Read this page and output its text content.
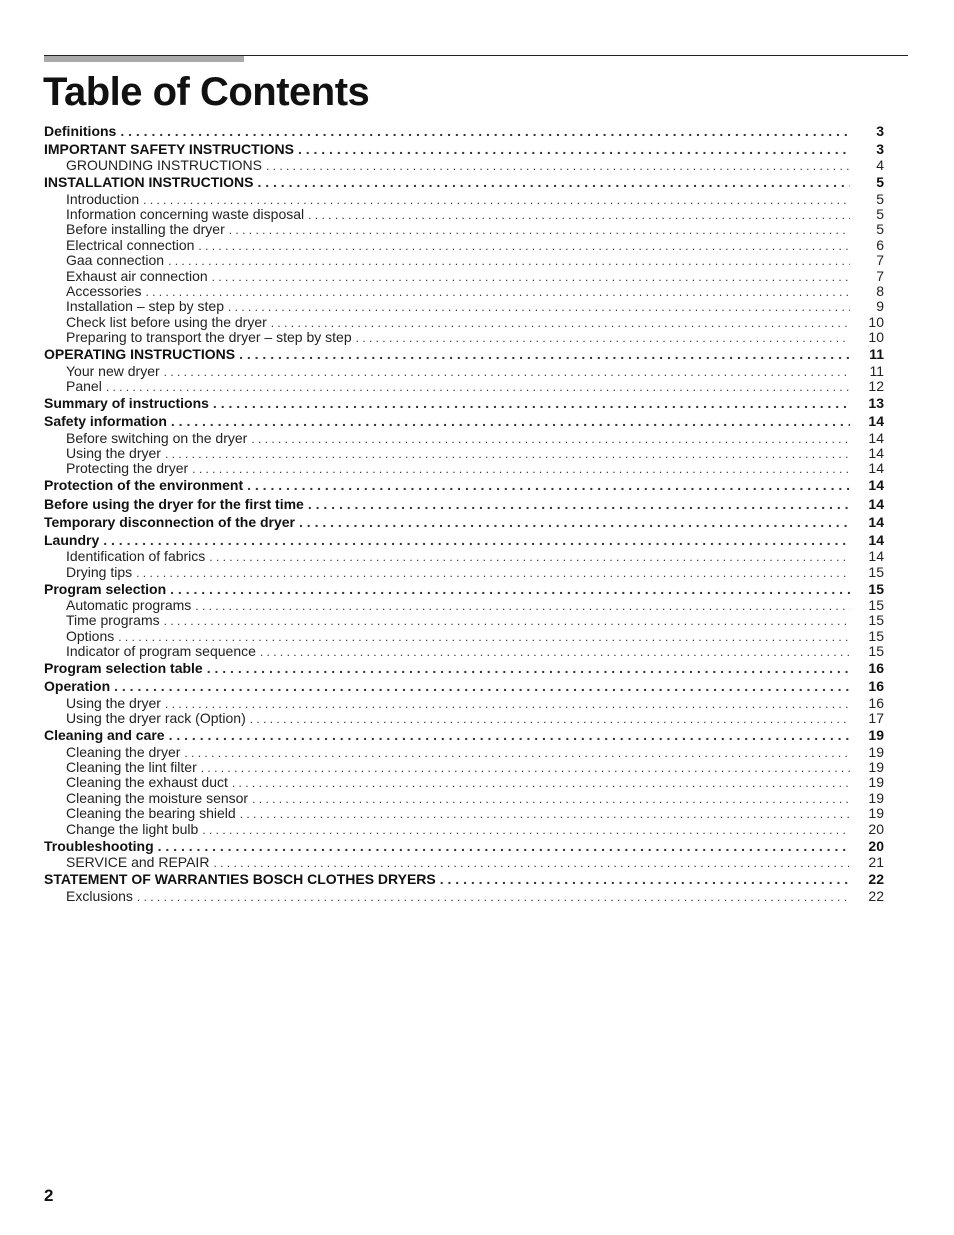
Table of Contents
Definitions . . .	3
IMPORTANT SAFETY INSTRUCTIONS . . .	3
GROUNDING INSTRUCTIONS . . .	4
INSTALLATION INSTRUCTIONS . . .	5
Introduction . . .	5
Information concerning waste disposal . . .	5
Before installing the dryer . . .	5
Electrical connection . . .	6
Gaa connection . . .	7
Exhaust air connection . . .	7
Accessories . . .	8
Installation – step by step . . .	9
Check list before using the dryer . . .	10
Preparing to transport the dryer – step by step . . .	10
OPERATING INSTRUCTIONS . . .	11
Your new dryer . . .	11
Panel . . .	12
Summary of instructions . . .	13
Safety information . . .	14
Before switching on the dryer . . .	14
Using the dryer . . .	14
Protecting the dryer . . .	14
Protection of the environment . . .	14
Before using the dryer for the first time . . .	14
Temporary disconnection of the dryer . . .	14
Laundry . . .	14
Identification of fabrics . . .	14
Drying tips . . .	15
Program selection . . .	15
Automatic programs . . .	15
Time programs . . .	15
Options . . .	15
Indicator of program sequence . . .	15
Program selection table . . .	16
Operation . . .	16
Using the dryer . . .	16
Using the dryer rack (Option) . . .	17
Cleaning and care . . .	19
Cleaning the dryer . . .	19
Cleaning the lint filter . . .	19
Cleaning the exhaust duct . . .	19
Cleaning the moisture sensor . . .	19
Cleaning the bearing shield . . .	19
Change the light bulb . . .	20
Troubleshooting . . .	20
SERVICE and REPAIR . . .	21
STATEMENT OF WARRANTIES BOSCH CLOTHES DRYERS . . .	22
Exclusions . . .	22
2
